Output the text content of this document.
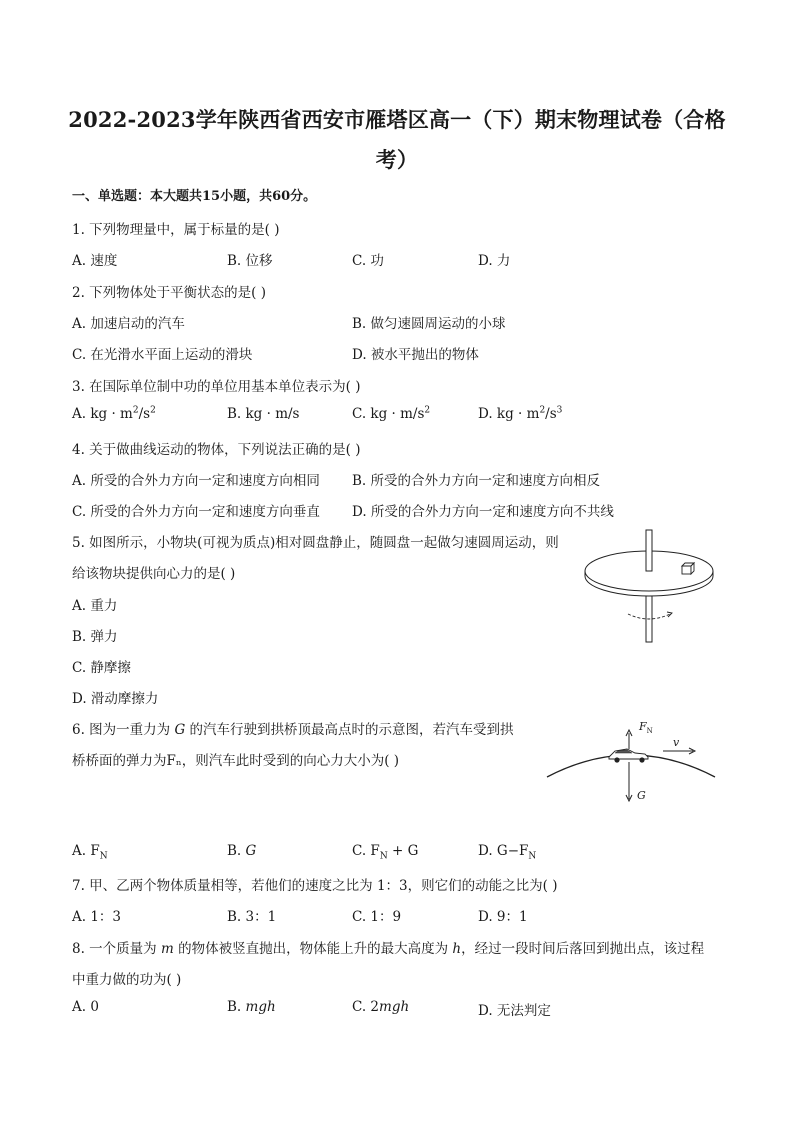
2022-2023学年陕西省西安市雁塔区高一（下）期末物理试卷（合格
考）
一、单选题：本大题共15小题，共60分。
1. 下列物理量中，属于标量的是( )
A. 速度	B. 位移	C. 功	D. 力
2. 下列物体处于平衡状态的是( )
A. 加速启动的汽车	B. 做匀速圆周运动的小球
C. 在光滑水平面上运动的滑块	D. 被水平抛出的物体
3. 在国际单位制中功的单位用基本单位表示为( )
A. kg · $m^2/s^2$	B. kg · m/s	C. kg · $m/s^2$	D. kg · $m^2/s^3$
4. 关于做曲线运动的物体，下列说法正确的是( )
A. 所受的合外力方向一定和速度方向相同 B. 所受的合外力方向一定和速度方向相反
C. 所受的合外力方向一定和速度方向垂直 D. 所受的合外力方向一定和速度方向不共线
5. 如图所示，小物块(可视为质点)相对圆盘静止，随圆盘一起做匀速圆周运动，则
给该物块提供向心力的是( )
A. 重力
B. 弹力
C. 静摩擦
D. 滑动摩擦力
6. 图为一重力为 G 的汽车行驶到拱桥顶最高点时的示意图，若汽车受到拱
桥桥面的弹力为Fₙ，则汽车此时受到的向心力大小为( )
$F_N$
v
G
A. $F_N$	B. G	C. $F_N + G$	D. $G-F_N$
7. 甲、乙两个物体质量相等，若他们的速度之比为 1：3，则它们的动能之比为( )
A. 1：3	B. 3：1	C. 1：9	D. 9：1
8. 一个质量为 m 的物体被竖直抛出，物体能上升的最大高度为 h，经过一段时间后落回到抛出点，该过程
中重力做的功为( )
A. 0	B. mgh	C. 2mgh	D. 无法判定
